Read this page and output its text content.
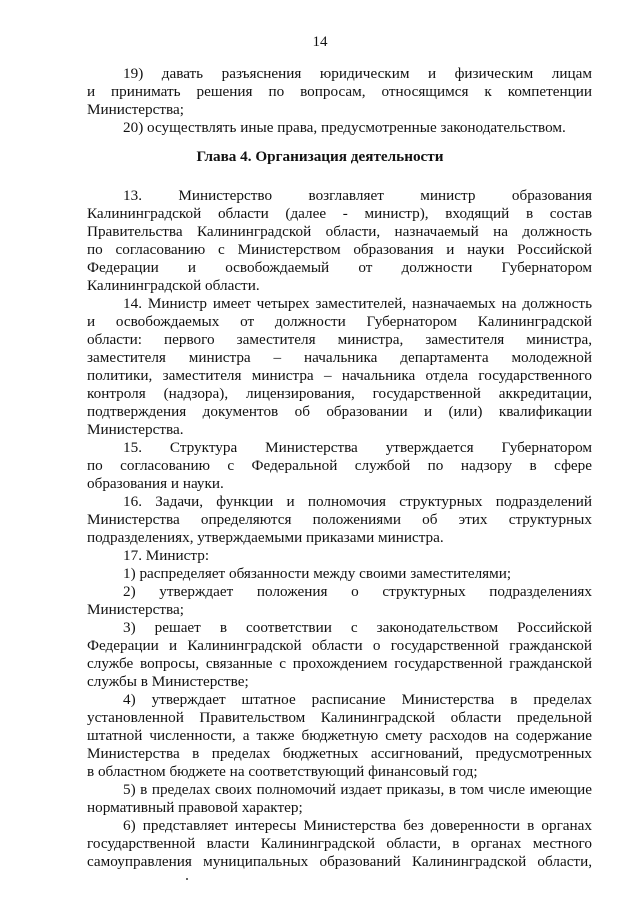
14
19) давать разъяснения юридическим и физическим лицам
и принимать решения по вопросам, относящимся к компетенции
Министерства;
20) осуществлять иные права, предусмотренные законодательством.
Глава 4. Организация деятельности
13. Министерство возглавляет министр образования
Калининградской области (далее - министр), входящий в состав
Правительства Калининградской области, назначаемый на должность
по согласованию с Министерством образования и науки Российской
Федерации и освобождаемый от должности Губернатором
Калининградской области.
14. Министр имеет четырех заместителей, назначаемых на должность
и освобождаемых от должности Губернатором Калининградской
области: первого заместителя министра, заместителя министра,
заместителя министра – начальника департамента молодежной
политики, заместителя министра – начальника отдела государственного
контроля (надзора), лицензирования, государственной аккредитации,
подтверждения документов об образовании и (или) квалификации
Министерства.
15. Структура Министерства утверждается Губернатором
по согласованию с Федеральной службой по надзору в сфере
образования и науки.
16. Задачи, функции и полномочия структурных подразделений
Министерства определяются положениями об этих структурных
подразделениях, утверждаемыми приказами министра.
17. Министр:
1) распределяет обязанности между своими заместителями;
2) утверждает положения о структурных подразделениях
Министерства;
3) решает в соответствии с законодательством Российской
Федерации и Калининградской области о государственной гражданской
службе вопросы, связанные с прохождением государственной гражданской
службы в Министерстве;
4) утверждает штатное расписание Министерства в пределах
установленной Правительством Калининградской области предельной
штатной численности, а также бюджетную смету расходов на содержание
Министерства в пределах бюджетных ассигнований, предусмотренных
в областном бюджете на соответствующий финансовый год;
5) в пределах своих полномочий издает приказы, в том числе имеющие
нормативный правовой характер;
6) представляет интересы Министерства без доверенности в органах
государственной власти Калининградской области, в органах местного
самоуправления муниципальных образований Калининградской области,
